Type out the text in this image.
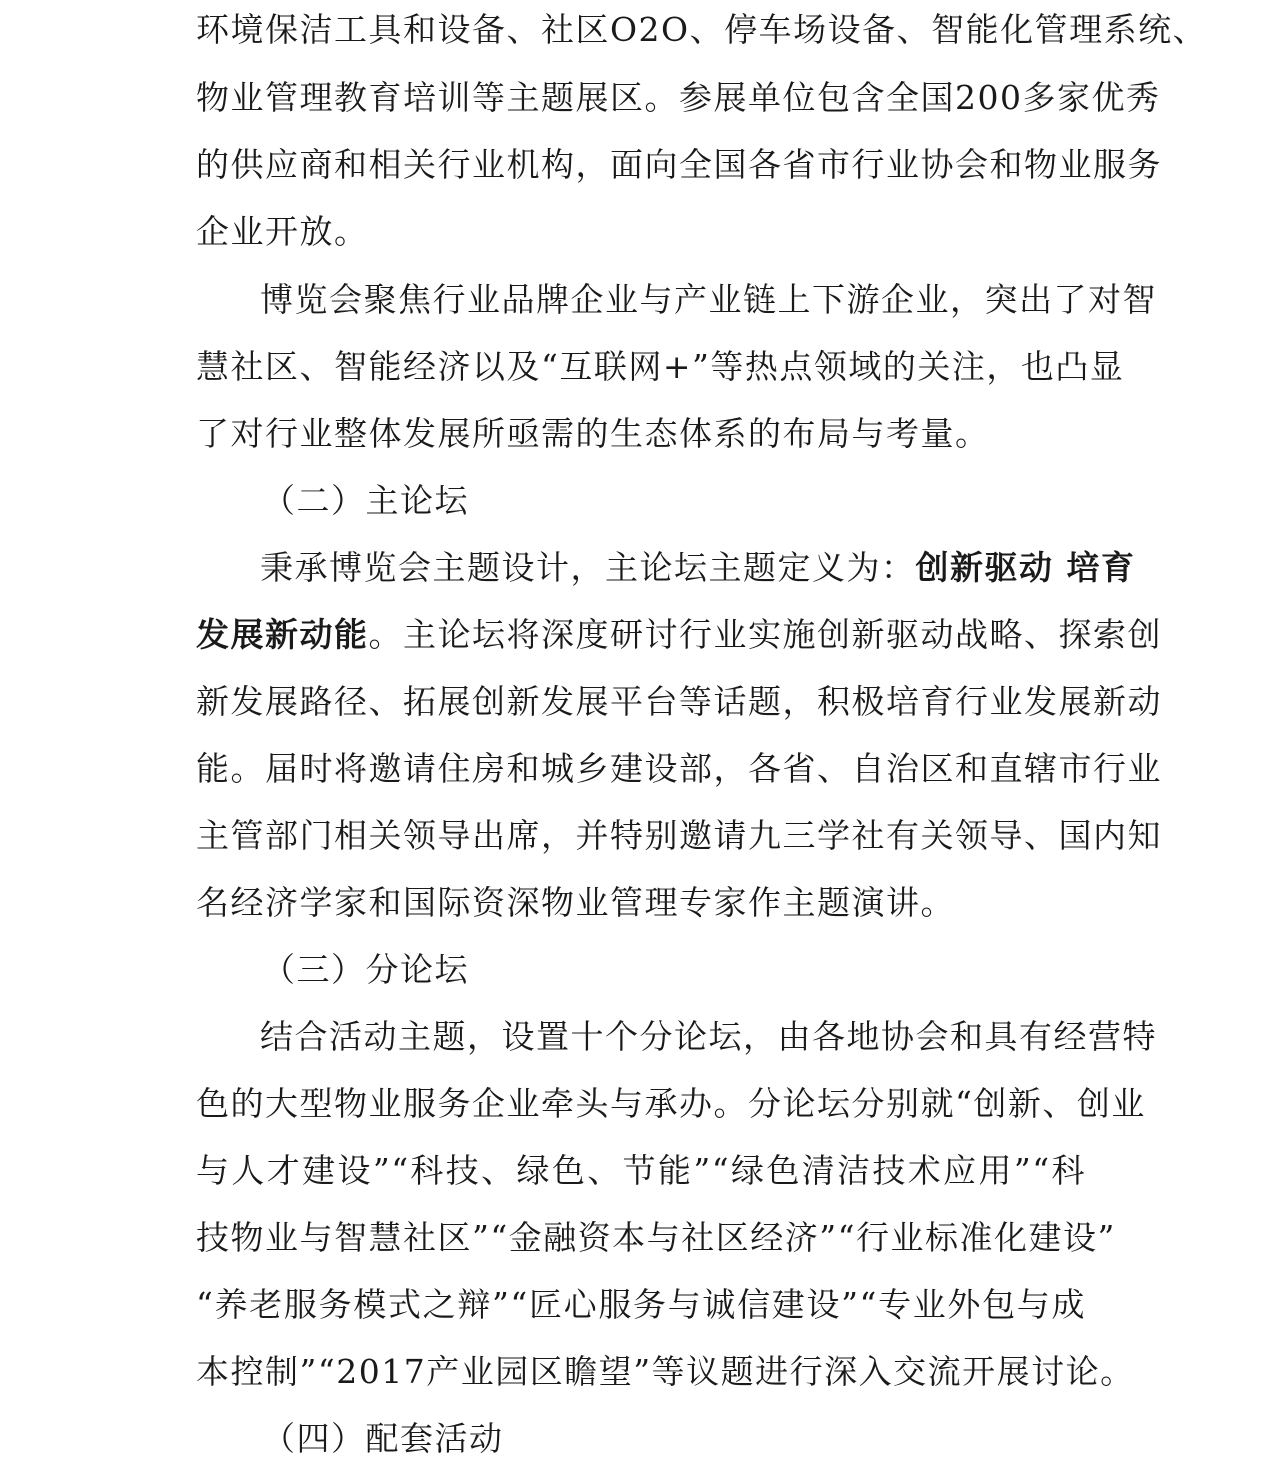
环境保洁工具和设备、社区O2O、停车场设备、智能化管理系统、
物业管理教育培训等主题展区。参展单位包含全国200多家优秀
的供应商和相关行业机构，面向全国各省市行业协会和物业服务
企业开放。
博览会聚焦行业品牌企业与产业链上下游企业，突出了对智
慧社区、智能经济以及“互联网+”等热点领域的关注，也凸显
了对行业整体发展所亟需的生态体系的布局与考量。
（二）主论坛
秉承博览会主题设计，主论坛主题定义为：创新驱动 培育
发展新动能。主论坛将深度研讨行业实施创新驱动战略、探索创
新发展路径、拓展创新发展平台等话题，积极培育行业发展新动
能。届时将邀请住房和城乡建设部，各省、自治区和直辖市行业
主管部门相关领导出席，并特别邀请九三学社有关领导、国内知
名经济学家和国际资深物业管理专家作主题演讲。
（三）分论坛
结合活动主题，设置十个分论坛，由各地协会和具有经营特
色的大型物业服务企业牵头与承办。分论坛分别就“创新、创业
与人才建设”“科技、绿色、节能”“绿色清洁技术应用”“科
技物业与智慧社区”“金融资本与社区经济”“行业标准化建设”
“养老服务模式之辩”“匠心服务与诚信建设”“专业外包与成
本控制”“2017产业园区瞻望”等议题进行深入交流开展讨论。
（四）配套活动
